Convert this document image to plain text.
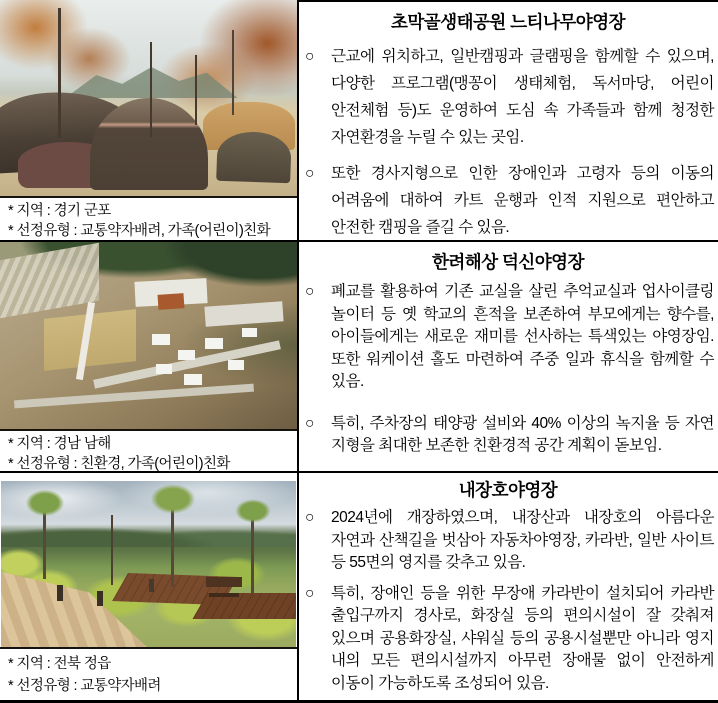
* 지역 : 경기 군포
* 선정유형 : 교통약자배려, 가족(어린이)친화
초막골생태공원 느티나무야영장
○ 근교에 위치하고, 일반캠핑과 글램핑을 함께할 수 있으며, 다양한 프로그램(맹꽁이 생태체험, 독서마당, 어린이 안전체험 등)도 운영하여 도심 속 가족들과 함께 청정한 자연환경을 누릴 수 있는 곳임.
○ 또한 경사지형으로 인한 장애인과 고령자 등의 이동의 어려움에 대하여 카트 운행과 인적 지원으로 편안하고 안전한 캠핑을 즐길 수 있음.
* 지역 : 경남 남해
* 선정유형 : 친환경, 가족(어린이)친화
한려해상 덕신야영장
○ 폐교를 활용하여 기존 교실을 살린 추억교실과 업사이클링 놀이터 등 옛 학교의 흔적을 보존하여 부모에게는 향수를, 아이들에게는 새로운 재미를 선사하는 특색있는 야영장임. 또한 워케이션 홀도 마련하여 주중 일과 휴식을 함께할 수 있음.
○ 특히, 주차장의 태양광 설비와 40% 이상의 녹지율 등 자연 지형을 최대한 보존한 친환경적 공간 계획이 돋보임.
* 지역 : 전북 정읍
* 선정유형 : 교통약자배려
내장호야영장
○ 2024년에 개장하였으며, 내장산과 내장호의 아름다운 자연과 산책길을 벗삼아 자동차야영장, 카라반, 일반 사이트 등 55면의 영지를 갖추고 있음.
○ 특히, 장애인 등을 위한 무장애 카라반이 설치되어 카라반 출입구까지 경사로, 화장실 등의 편의시설이 잘 갖춰져 있으며 공용화장실, 샤워실 등의 공용시설뿐만 아니라 영지 내의 모든 편의시설까지 아무런 장애물 없이 안전하게 이동이 가능하도록 조성되어 있음.
